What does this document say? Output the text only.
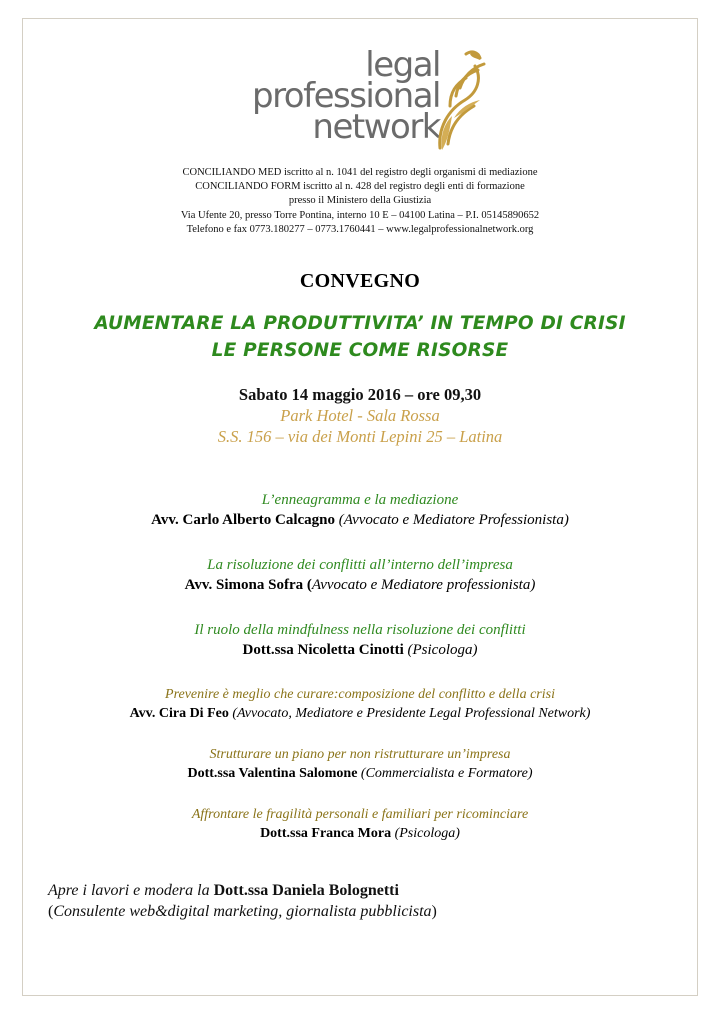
legal
professional
network
CONCILIANDO MED iscritto al n. 1041 del registro degli organismi di mediazione
CONCILIANDO FORM iscritto al n. 428 del registro degli enti di formazione
presso il Ministero della Giustizia
Via Ufente 20, presso Torre Pontina, interno 10 E – 04100 Latina – P.I. 05145890652
Telefono e fax 0773.180277 – 0773.1760441 – www.legalprofessionalnetwork.org
CONVEGNO
AUMENTARE LA PRODUTTIVITA’ IN TEMPO DI CRISI
LE PERSONE COME RISORSE
Sabato 14 maggio 2016 – ore 09,30
Park Hotel - Sala Rossa
S.S. 156 – via dei Monti Lepini 25 – Latina
L’enneagramma e la mediazione
Avv. Carlo Alberto Calcagno (Avvocato e Mediatore Professionista)
La risoluzione dei conflitti all’interno dell’impresa
Avv. Simona Sofra (Avvocato e Mediatore professionista)
Il ruolo della mindfulness nella risoluzione dei conflitti
Dott.ssa Nicoletta Cinotti (Psicologa)
Prevenire è meglio che curare:composizione del conflitto e della crisi
Avv. Cira Di Feo (Avvocato, Mediatore e Presidente Legal Professional Network)
Strutturare un piano per non ristrutturare un’impresa
Dott.ssa Valentina Salomone (Commercialista e Formatore)
Affrontare le fragilità personali e familiari per ricominciare
Dott.ssa Franca Mora (Psicologa)
Apre i lavori e modera la Dott.ssa Daniela Bolognetti
(Consulente web&digital marketing, giornalista pubblicista)
